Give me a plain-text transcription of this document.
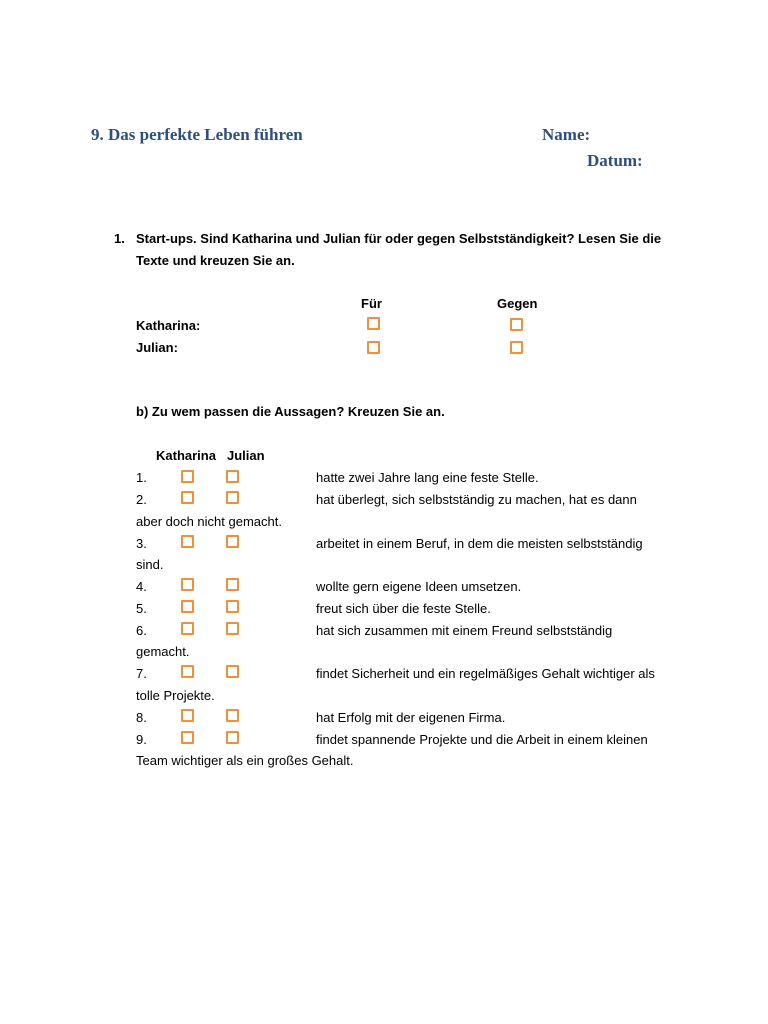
9. Das perfekte Leben führen	Name:
Datum:
1. Start-ups. Sind Katharina und Julian für oder gegen Selbstständigkeit? Lesen Sie die
Texte und kreuzen Sie an.
Für	Gegen
Katharina:
Julian:
b) Zu wem passen die Aussagen? Kreuzen Sie an.
Katharina Julian
1.	hatte zwei Jahre lang eine feste Stelle.
2.	hat überlegt, sich selbstständig zu machen, hat es dann
aber doch nicht gemacht.
3.	arbeitet in einem Beruf, in dem die meisten selbstständig
sind.
4.	wollte gern eigene Ideen umsetzen.
5.	freut sich über die feste Stelle.
6.	hat sich zusammen mit einem Freund selbstständig
gemacht.
7.	findet Sicherheit und ein regelmäßiges Gehalt wichtiger als
tolle Projekte.
8.	hat Erfolg mit der eigenen Firma.
9.	findet spannende Projekte und die Arbeit in einem kleinen
Team wichtiger als ein großes Gehalt.
